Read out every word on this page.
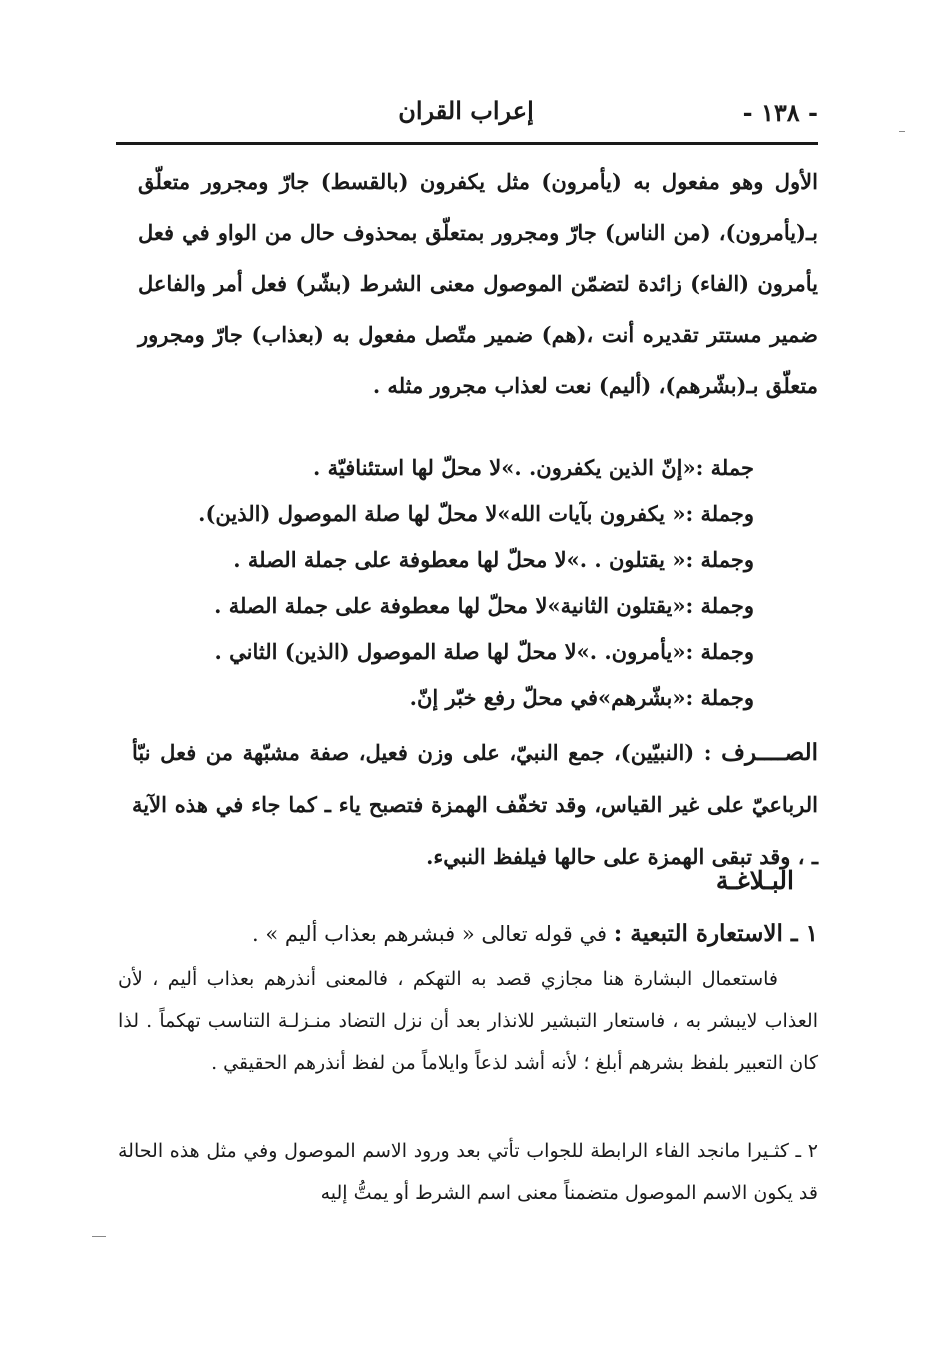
- ١٣٨ -
إعراب القران

الأول وهو مفعول به (يأمرون) مثل يكفرون (بالقسط) جارّ ومجرور متعلّق بـ(يأمرون)، (من الناس) جارّ ومجرور بمتعلّق بمحذوف حال من الواو في فعل يأمرون (الفاء) زائدة لتضمّن الموصول معنى الشرط (بشّر) فعل أمر والفاعل ضمير مستتر تقديره أنت ،(هم) ضمير متّصل مفعول به (بعذاب) جارّ ومجرور متعلّق بـ(بشّرهم)، (أليم) نعت لعذاب مجرور مثله .

جملة :«إنّ الذين يكفرون. .»لا محلّ لها استئنافيّة .
وجملة :« يكفرون بآيات الله»لا محلّ لها صلة الموصول (الذين).
وجملة :« يقتلون . .»لا محلّ لها معطوفة على جملة الصلة .
وجملة :«يقتلون الثانية»لا محلّ لها معطوفة على جملة الصلة .
وجملة :«يأمرون. .»لا محلّ لها صلة الموصول (الذين) الثاني .
وجملة :«بشّرهم»في محلّ رفع خبّر إنّ.

الصــــرف : (النبيّين)، جمع النبيّ، على وزن فعيل، صفة مشبّهة من فعل نبّأ الرباعيّ على غير القياس، وقد تخفّف الهمزة فتصبح ياء ـ كما جاء في هذه الآية ـ ، وقد تبقى الهمزة على حالها فيلفظ النبيء.

البـلاغـة

١ ـ الاستعارة التبعية : في قوله تعالى « فبشرهم بعذاب أليم » .

فاستعمال البشارة هنا مجازي قصد به التهكم ، فالمعنى أنذرهم بعذاب أليم ، لأن العذاب لايبشر به ، فاستعار التبشير للانذار بعد أن نزل التضاد منـزلـة التناسب تهكماً . لذا كان التعبير بلفظ بشرهم أبلغ ؛ لأنه أشد لذعاً وايلاماً من لفظ أنذرهم الحقيقي .

٢ ـ كثـيرا مانجد الفاء الرابطة للجواب تأتي بعد ورود الاسم الموصول وفي مثل هذه الحالة قد يكون الاسم الموصول متضمناً معنى اسم الشرط أو يمتُّ إليه
